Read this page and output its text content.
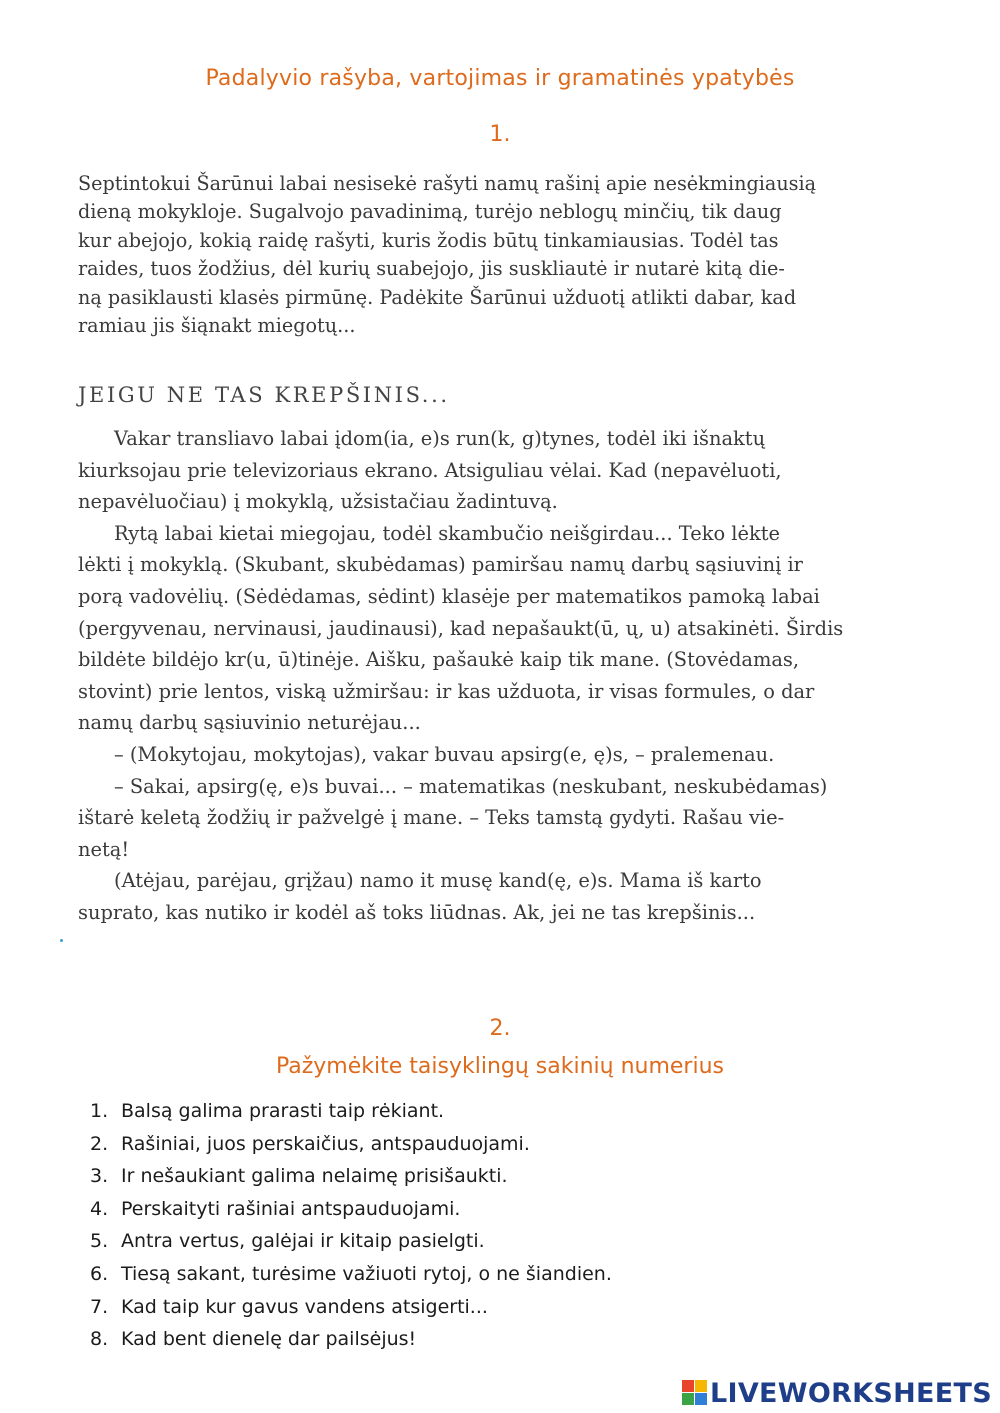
Padalyvio rašyba, vartojimas ir gramatinės ypatybės
1.
Septintokui Šarūnui labai nesisekė rašyti namų rašinį apie nesėkmingiausią
dieną mokykloje. Sugalvojo pavadinimą, turėjo neblogų minčių, tik daug
kur abejojo, kokią raidę rašyti, kuris žodis būtų tinkamiausias. Todėl tas
raides, tuos žodžius, dėl kurių suabejojo, jis suskliautė ir nutarė kitą die-
ną pasiklausti klasės pirmūnę. Padėkite Šarūnui užduotį atlikti dabar, kad
ramiau jis šiąnakt miegotų...
JEIGU NE TAS KREPŠINIS...
Vakar transliavo labai įdom(ia, e)s run(k, g)tynes, todėl iki išnaktų
kiurksojau prie televizoriaus ekrano. Atsiguliau vėlai. Kad (nepavėluoti,
nepavėluočiau) į mokyklą, užsistačiau žadintuvą.
Rytą labai kietai miegojau, todėl skambučio neišgirdau... Teko lėkte
lėkti į mokyklą. (Skubant, skubėdamas) pamiršau namų darbų sąsiuvinį ir
porą vadovėlių. (Sėdėdamas, sėdint) klasėje per matematikos pamoką labai
(pergyvenau, nervinausi, jaudinausi), kad nepašaukt(ū, ų, u) atsakinėti. Širdis
bildėte bildėjo kr(u, ū)tinėje. Aišku, pašaukė kaip tik mane. (Stovėdamas,
stovint) prie lentos, viską užmiršau: ir kas užduota, ir visas formules, o dar
namų darbų sąsiuvinio neturėjau...
– (Mokytojau, mokytojas), vakar buvau apsirg(e, ę)s, – pralemenau.
– Sakai, apsirg(ę, e)s buvai... – matematikas (neskubant, neskubėdamas)
ištarė keletą žodžių ir pažvelgė į mane. – Teks tamstą gydyti. Rašau vie-
netą!
(Atėjau, parėjau, grįžau) namo it musę kand(ę, e)s. Mama iš karto
suprato, kas nutiko ir kodėl aš toks liūdnas. Ak, jei ne tas krepšinis...
2.
Pažymėkite taisyklingų sakinių numerius
1. Balsą galima prarasti taip rėkiant.
2. Rašiniai, juos perskaičius, antspauduojami.
3. Ir nešaukiant galima nelaimę prisišaukti.
4. Perskaityti rašiniai antspauduojami.
5. Antra vertus, galėjai ir kitaip pasielgti.
6. Tiesą sakant, turėsime važiuoti rytoj, o ne šiandien.
7. Kad taip kur gavus vandens atsigerti...
8. Kad bent dienelę dar pailsėjus!
LIVEWORKSHEETS
